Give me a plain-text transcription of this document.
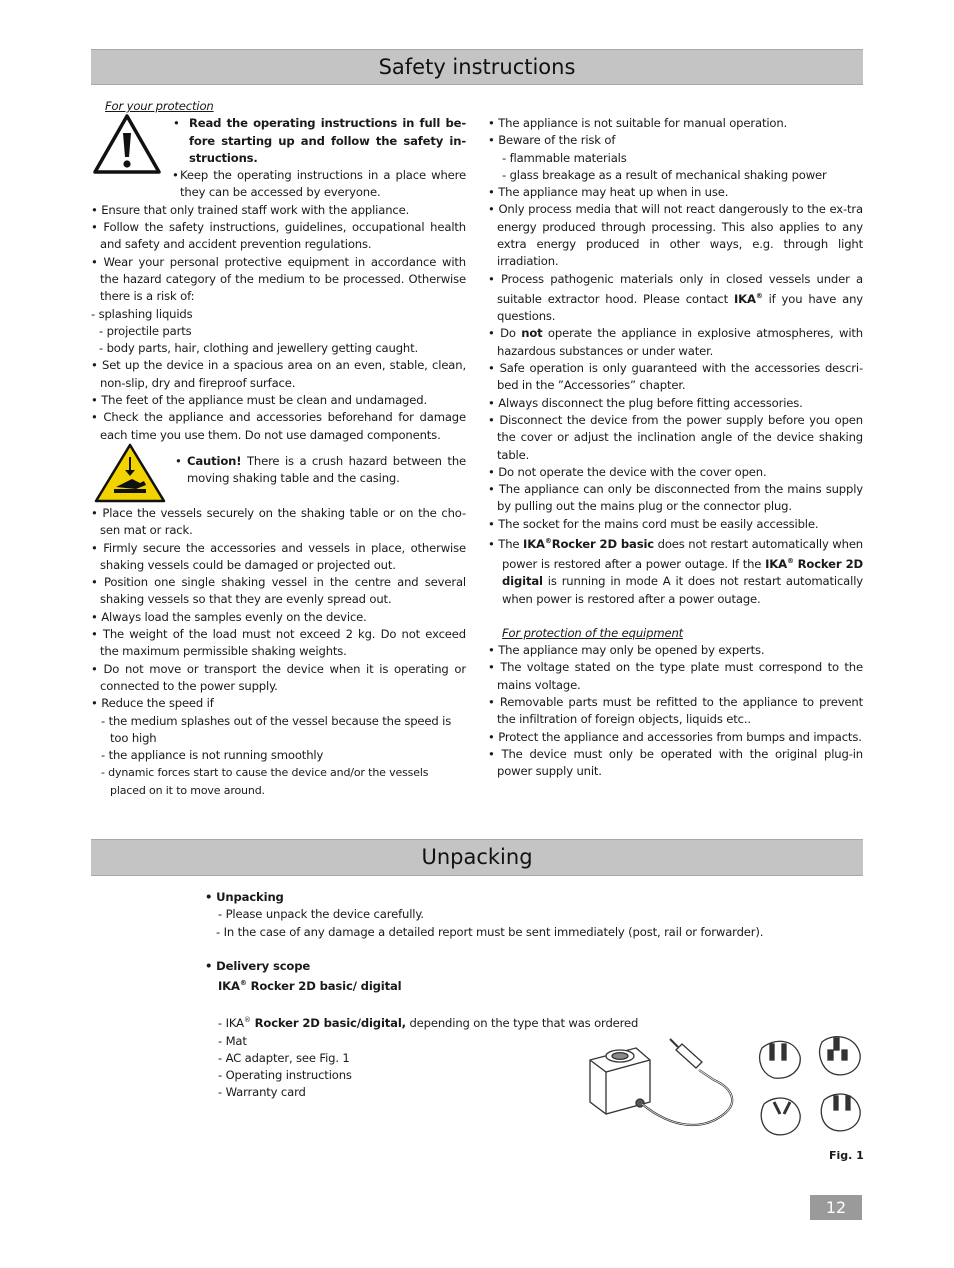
Safety instructions

For your protection

• Read the operating instructions in full be-fore starting up and follow the safety in-structions.
• Keep the operating instructions in a place where they can be accessed by everyone.

• Ensure that only trained staff work with the appliance.

• Follow the safety instructions, guidelines, occupational health and safety and accident prevention regulations.

• Wear your personal protective equipment in accordance with the hazard category of the medium to be processed. Otherwise there is a risk of:

- splashing liquids

- projectile parts

- body parts, hair, clothing and jewellery getting caught.

• Set up the device in a spacious area on an even, stable, clean, non-slip, dry and fireproof surface.

• The feet of the appliance must be clean and undamaged.

• Check the appliance and accessories beforehand for damage each time you use them. Do not use damaged components.

• Caution! There is a crush hazard between the moving shaking table and the casing.

• Place the vessels securely on the shaking table or on the cho-sen mat or rack.

• Firmly secure the accessories and vessels in place, otherwise shaking vessels could be damaged or projected out.

• Position one single shaking vessel in the centre and several shaking vessels so that they are evenly spread out.

• Always load the samples evenly on the device.

• The weight of the load must not exceed 2 kg. Do not exceed the maximum permissible shaking weights.

• Do not move or transport the device when it is operating or connected to the power supply.

• Reduce the speed if

- the medium splashes out of the vessel because the speed is too high

- the appliance is not running smoothly

- dynamic forces start to cause the device and/or the vessels placed on it to move around.

• The appliance is not suitable for manual operation.

• Beware of the risk of

- flammable materials

- glass breakage as a result of mechanical shaking power

• The appliance may heat up when in use.

• Only process media that will not react dangerously to the ex-tra energy produced through processing. This also applies to any extra energy produced in other ways, e.g. through light irradiation.

• Process pathogenic materials only in closed vessels under a suitable extractor hood. Please contact IKA® if you have any questions.

• Do not operate the appliance in explosive atmospheres, with hazardous substances or under water.

• Safe operation is only guaranteed with the accessories descri-bed in the ”Accessories” chapter.

• Always disconnect the plug before fitting accessories.

• Disconnect the device from the power supply before you open the cover or adjust the inclination angle of the device shaking table.

• Do not operate the device with the cover open.

• The appliance can only be disconnected from the mains supply by pulling out the mains plug or the connector plug.

• The socket for the mains cord must be easily accessible.

• The IKA®Rocker 2D basic does not restart automatically when power is restored after a power outage. If the IKA® Rocker 2D digital is running in mode A it does not restart automatically when power is restored after a power outage.

For protection of the equipment

• The appliance may only be opened by experts.

• The voltage stated on the type plate must correspond to the mains voltage.

• Removable parts must be refitted to the appliance to prevent the infiltration of foreign objects, liquids etc..

• Protect the appliance and accessories from bumps and impacts.

• The device must only be operated with the original plug-in power supply unit.

Unpacking

• Unpacking

- Please unpack the device carefully.

- In the case of any damage a detailed report must be sent immediately (post, rail or forwarder).

• Delivery scope

IKA® Rocker 2D basic/ digital

- IKA® Rocker 2D basic/digital, depending on the type that was ordered

- Mat

- AC adapter, see Fig. 1

- Operating instructions

- Warranty card

Fig. 1
12
